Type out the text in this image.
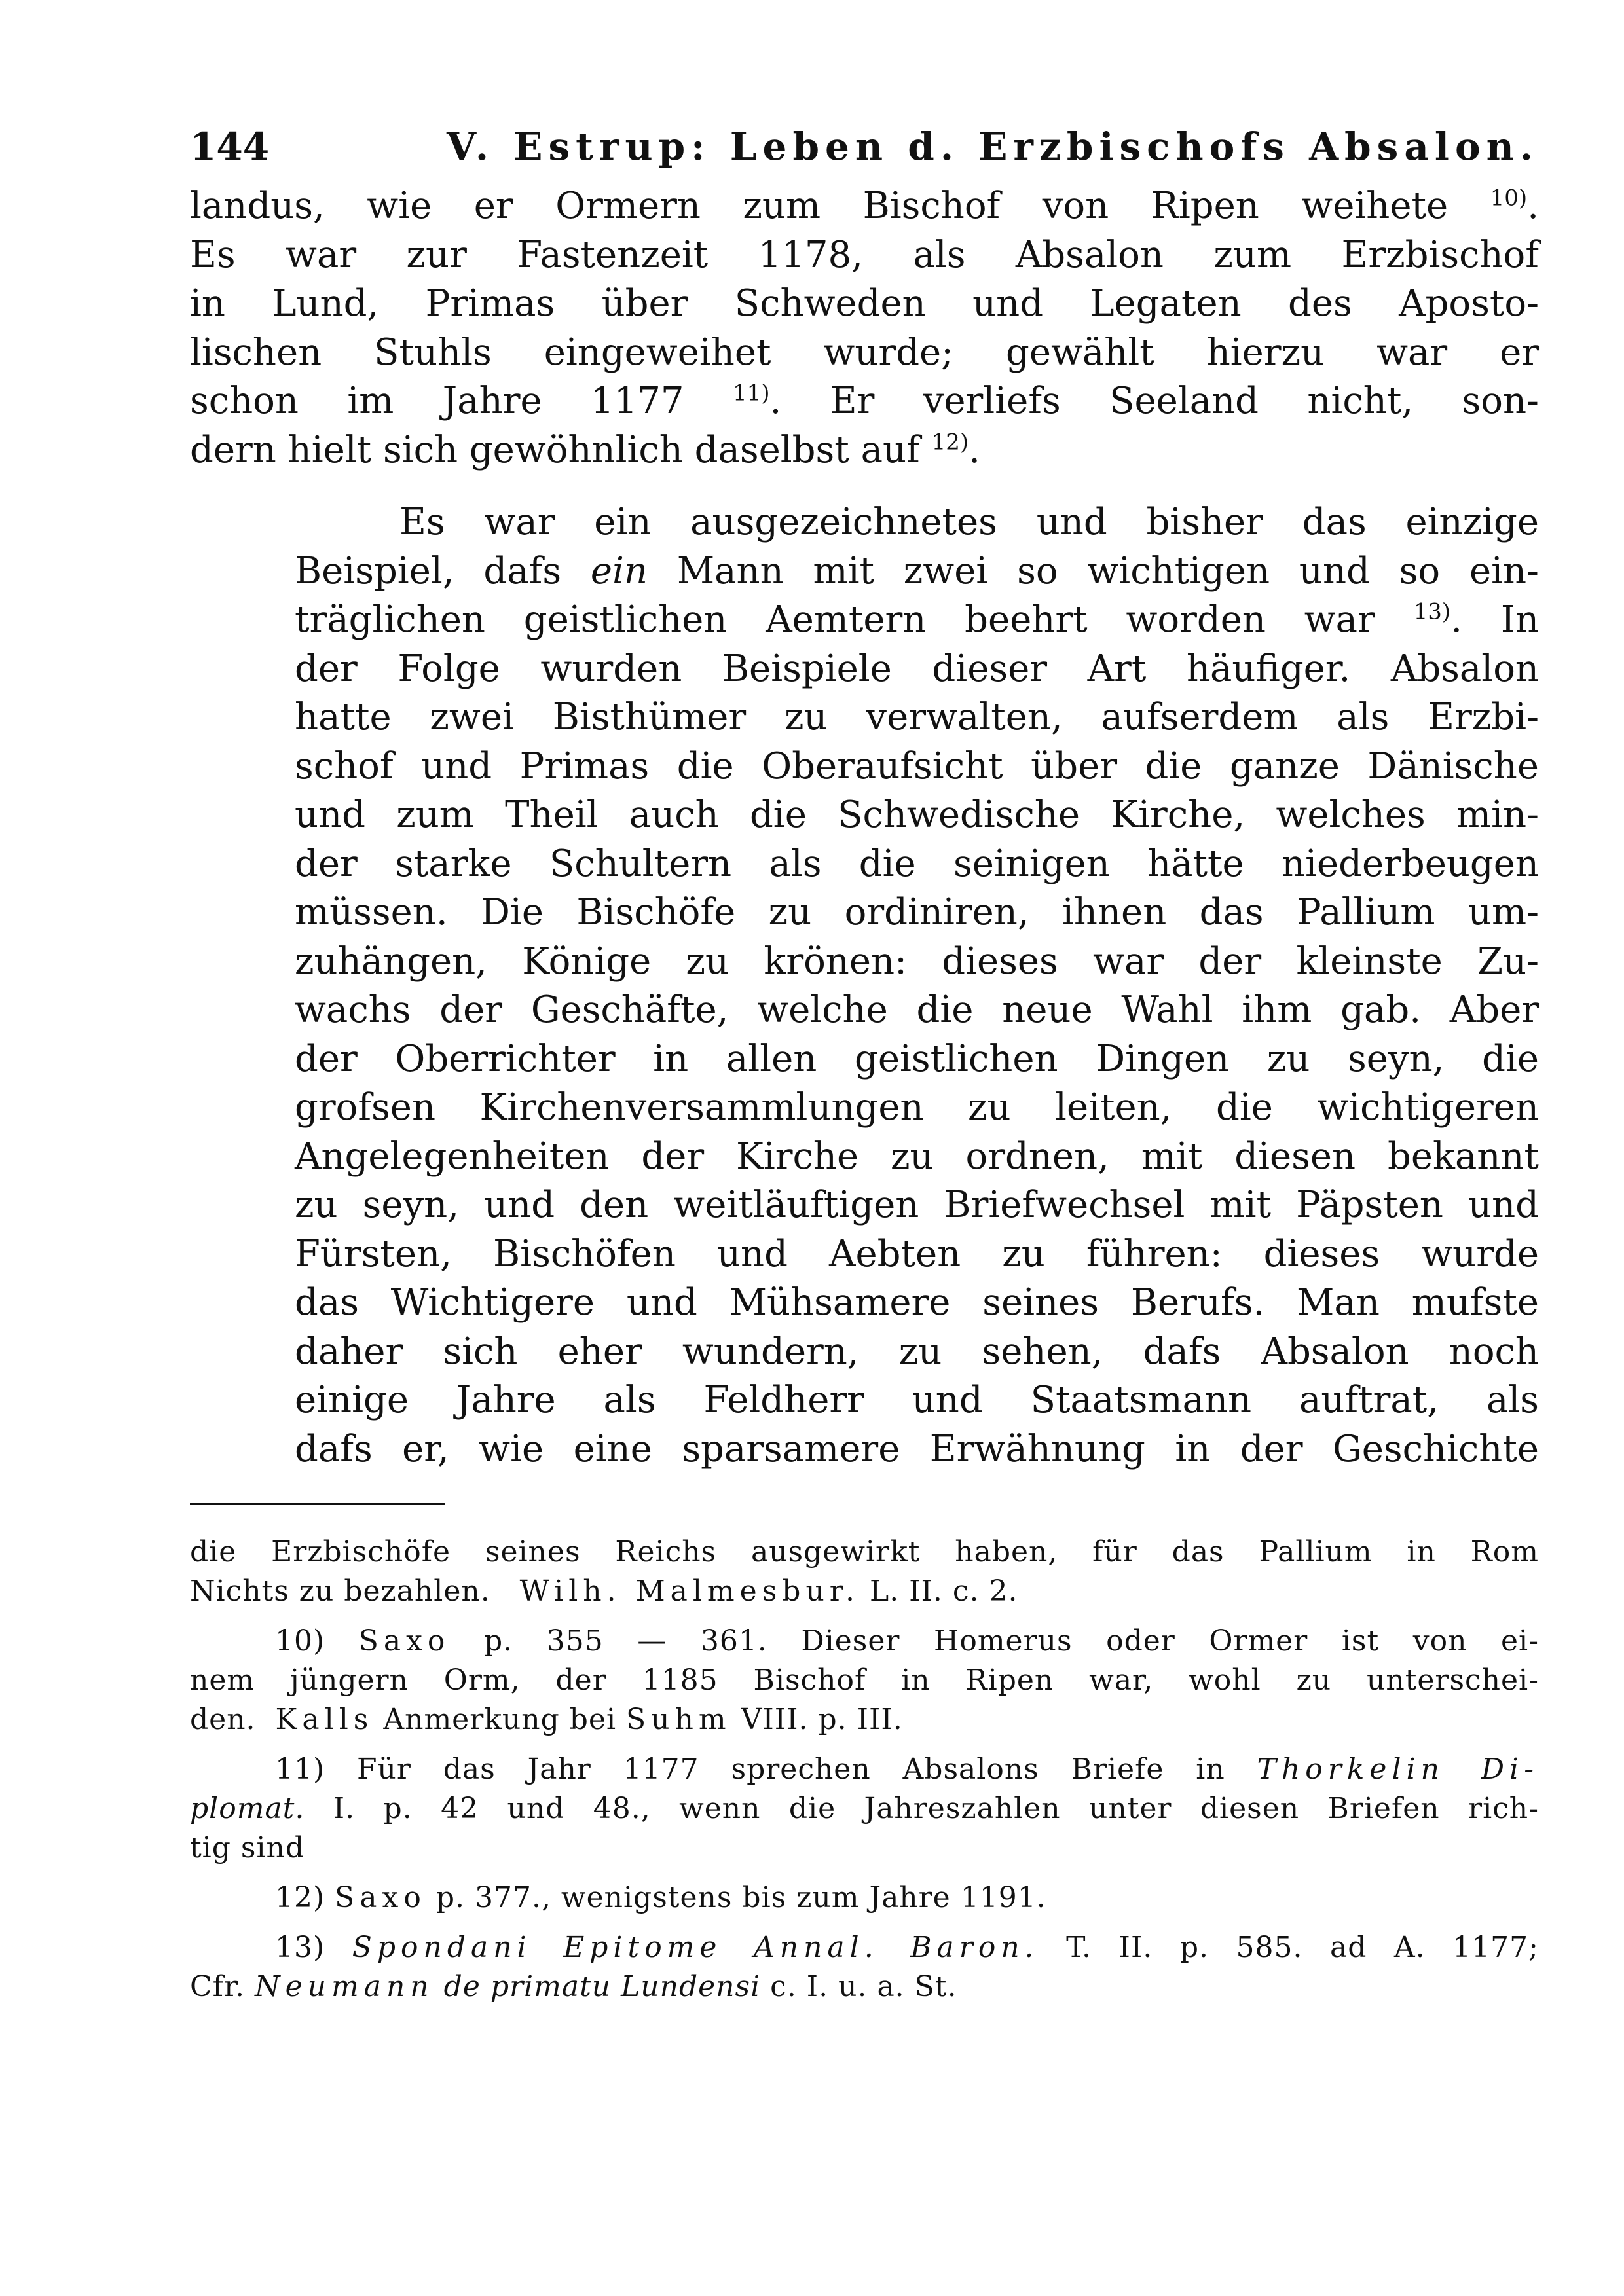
144	V. Estrup: Leben d. Erzbischofs Absalon.

landus, wie er Ormern zum Bischof von Ripen weihete $^{10)}$.
Es war zur Fastenzeit 1178, als Absalon zum Erzbischof
in Lund, Primas über Schweden und Legaten des Aposto-
lischen Stuhls eingeweihet wurde; gewählt hierzu war er
schon im Jahre 1177 $^{11)}$. Er verliefs Seeland nicht, son-
dern hielt sich gewöhnlich daselbst auf $^{12)}$.

Es war ein ausgezeichnetes und bisher das einzige
Beispiel, dafs ein Mann mit zwei so wichtigen und so ein-
träglichen geistlichen Aemtern beehrt worden war $^{13)}$. In
der Folge wurden Beispiele dieser Art häufiger. Absalon
hatte zwei Bisthümer zu verwalten, aufserdem als Erzbi-
schof und Primas die Oberaufsicht über die ganze Dänische
und zum Theil auch die Schwedische Kirche, welches min-
der starke Schultern als die seinigen hätte niederbeugen
müssen. Die Bischöfe zu ordiniren, ihnen das Pallium um-
zuhängen, Könige zu krönen: dieses war der kleinste Zu-
wachs der Geschäfte, welche die neue Wahl ihm gab. Aber
der Oberrichter in allen geistlichen Dingen zu seyn, die
grofsen Kirchenversammlungen zu leiten, die wichtigeren
Angelegenheiten der Kirche zu ordnen, mit diesen bekannt
zu seyn, und den weitläuftigen Briefwechsel mit Päpsten und
Fürsten, Bischöfen und Aebten zu führen: dieses wurde
das Wichtigere und Mühsamere seines Berufs. Man mufste
daher sich eher wundern, zu sehen, dafs Absalon noch
einige Jahre als Feldherr und Staatsmann auftrat, als
dafs er, wie eine sparsamere Erwähnung in der Geschichte

die Erzbischöfe seines Reichs ausgewirkt haben, für das Pallium in Rom
Nichts zu bezahlen. Wilh. Malmesbur. L. II. c. 2.

10) Saxo p. 355 — 361. Dieser Homerus oder Ormer ist von ei-
nem jüngern Orm, der 1185 Bischof in Ripen war, wohl zu unterschei-
den. Kalls Anmerkung bei Suhm VIII. p. III.

11) Für das Jahr 1177 sprechen Absalons Briefe in Thorkelin Di-
plomat. I. p. 42 und 48., wenn die Jahreszahlen unter diesen Briefen rich-
tig sind

12) Saxo p. 377., wenigstens bis zum Jahre 1191.

13) Spondani Epitome Annal. Baron. T. II. p. 585. ad A. 1177;
Cfr. Neumann de primatu Lundensi c. I. u. a. St.
